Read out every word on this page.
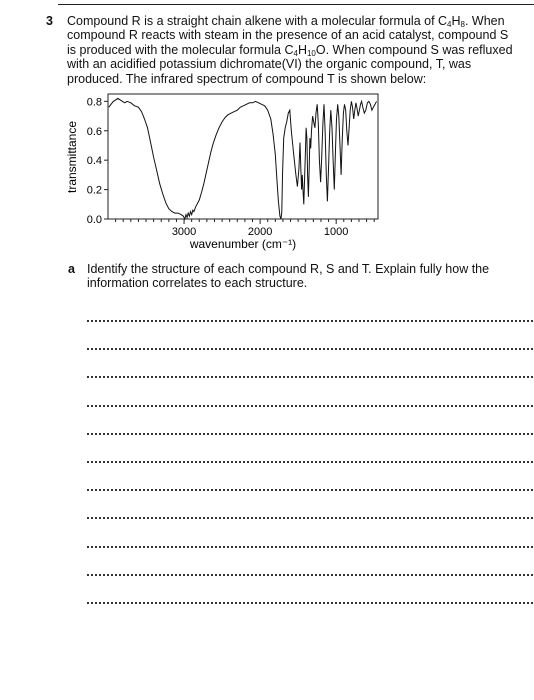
3 Compound R is a straight chain alkene with a molecular formula of $C_4H_8$. When

compound R reacts with steam in the presence of an acid catalyst, compound S

is produced with the molecular formula $C_4H_{10}O$. When compound S was refluxed

with an acidified potassium dichromate(VI) the organic compound, T, was

produced. The infrared spectrum of compound T is shown below:

0.0
0.2
0.4
0.6
0.8
3000	2000	1000
wavenumber (cm⁻¹)
transmittance
a Identify the structure of each compound R, S and T. Explain fully how the

information correlates to each structure.
